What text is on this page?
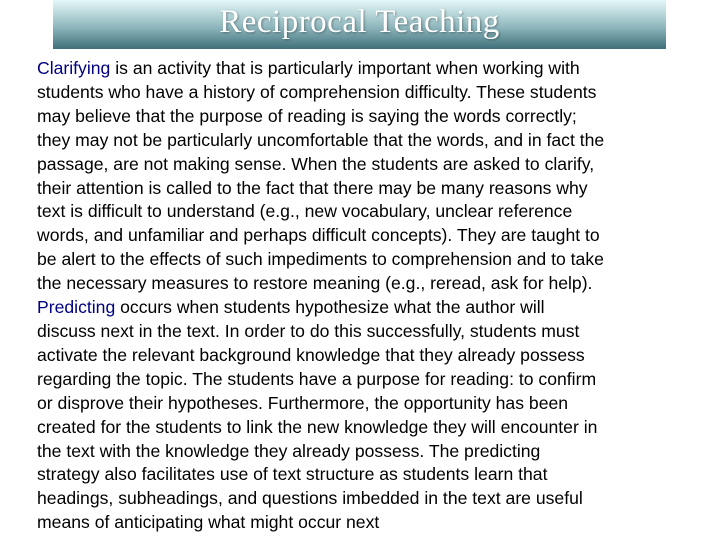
Reciprocal Teaching
Clarifying is an activity that is particularly important when working with
students who have a history of comprehension difficulty. These students
may believe that the purpose of reading is saying the words correctly;
they may not be particularly uncomfortable that the words, and in fact the
passage, are not making sense. When the students are asked to clarify,
their attention is called to the fact that there may be many reasons why
text is difficult to understand (e.g., new vocabulary, unclear reference
words, and unfamiliar and perhaps difficult concepts). They are taught to
be alert to the effects of such impediments to comprehension and to take
the necessary measures to restore meaning (e.g., reread, ask for help).
Predicting occurs when students hypothesize what the author will
discuss next in the text. In order to do this successfully, students must
activate the relevant background knowledge that they already possess
regarding the topic. The students have a purpose for reading: to confirm
or disprove their hypotheses. Furthermore, the opportunity has been
created for the students to link the new knowledge they will encounter in
the text with the knowledge they already possess. The predicting
strategy also facilitates use of text structure as students learn that
headings, subheadings, and questions imbedded in the text are useful
means of anticipating what might occur next
